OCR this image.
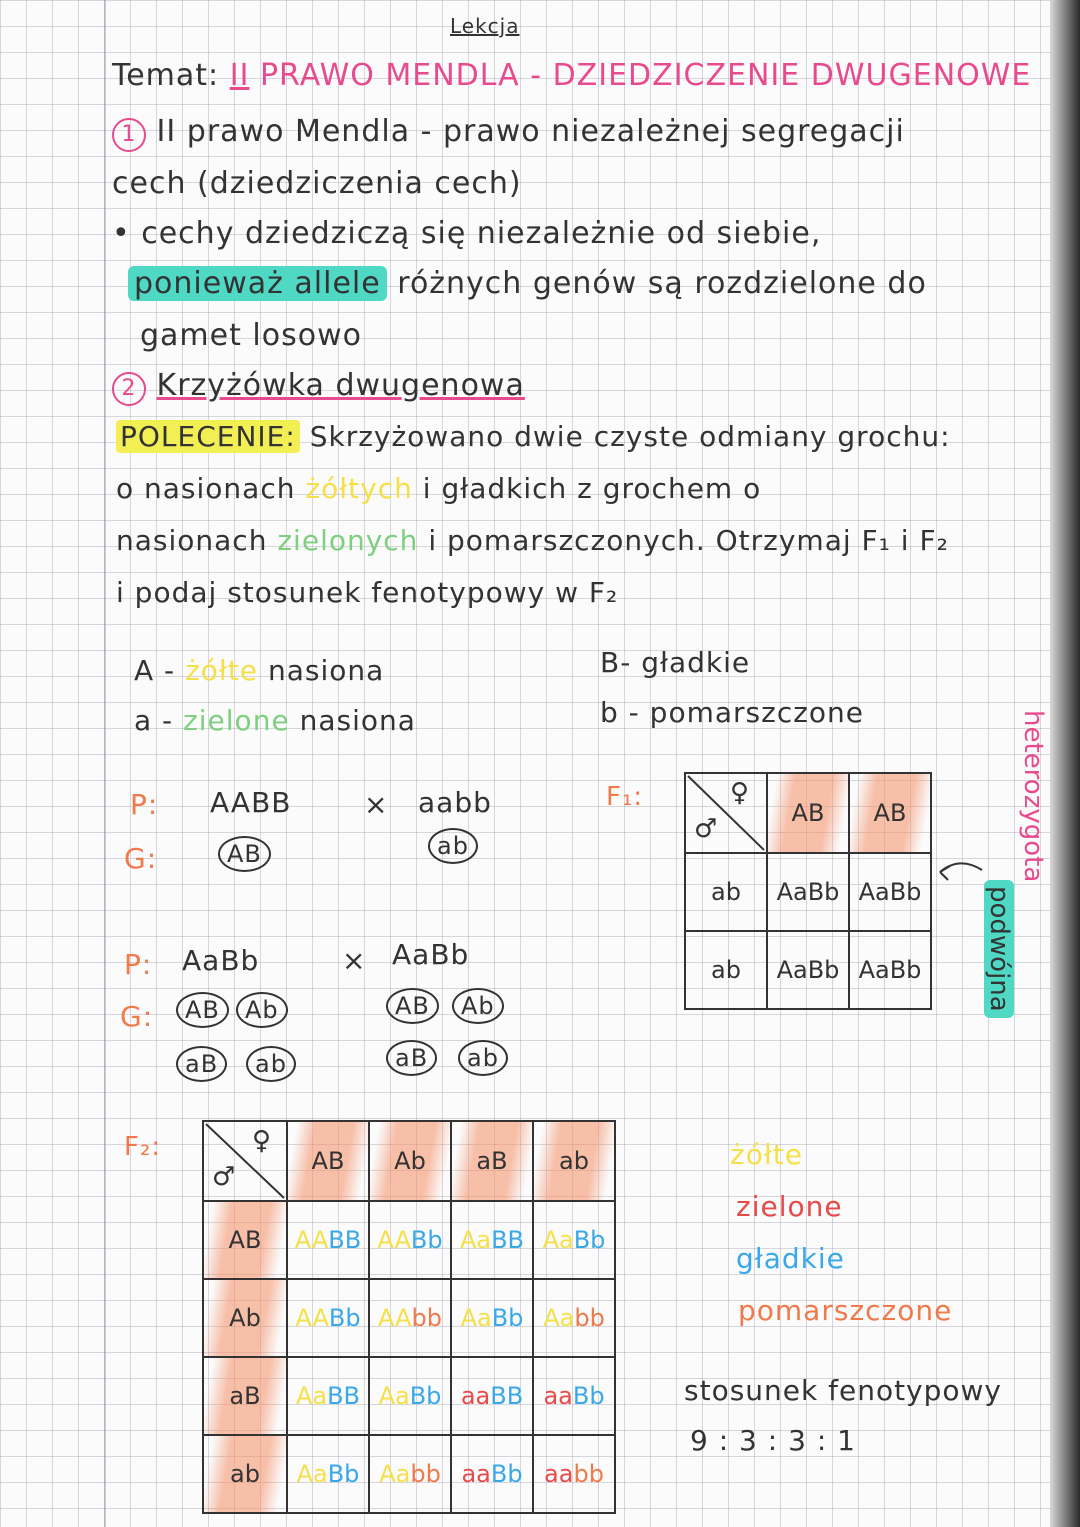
Lekcja
Temat: II PRAWO MENDLA - DZIEDZICZENIE DWUGENOWE
1 II prawo Mendla - prawo niezależnej segregacji
cech (dziedziczenia cech)
• cechy dziedziczą się niezależnie od siebie,
ponieważ allele różnych genów są rozdzielone do
gamet losowo
2 Krzyżówka dwugenowa
POLECENIE: Skrzyżowano dwie czyste odmiany grochu:
o nasionach żółtych i gładkich z grochem o
nasionach zielonych i pomarszczonych. Otrzymaj F₁ i F₂
i podaj stosunek fenotypowy w F₂
A - żółte nasiona
a - zielone nasiona
B- gładkie
b - pomarszczone
P: AABB	× aabb
G:	AB	ab
F₁:	♀
♂	AB	AB
ab	AaBb	AaBb
ab	AaBb	AaBb
heterozygota
podwójna
P: AaBb	× AaBb
G:	AB	Ab
aB	ab
AB	Ab
aB	ab
F₂:	♀
♂	AB	Ab	aB	ab
AB	AABB	AABb	AaBB	AaBb
Ab	AABb	AAbb	AaBb	Aabb
aB	AaBB	AaBb	aaBB	aaBb
ab	AaBb	Aabb	aaBb	aabb
żółte
zielone
gładkie
pomarszczone
stosunek fenotypowy
9 : 3 : 3 : 1
